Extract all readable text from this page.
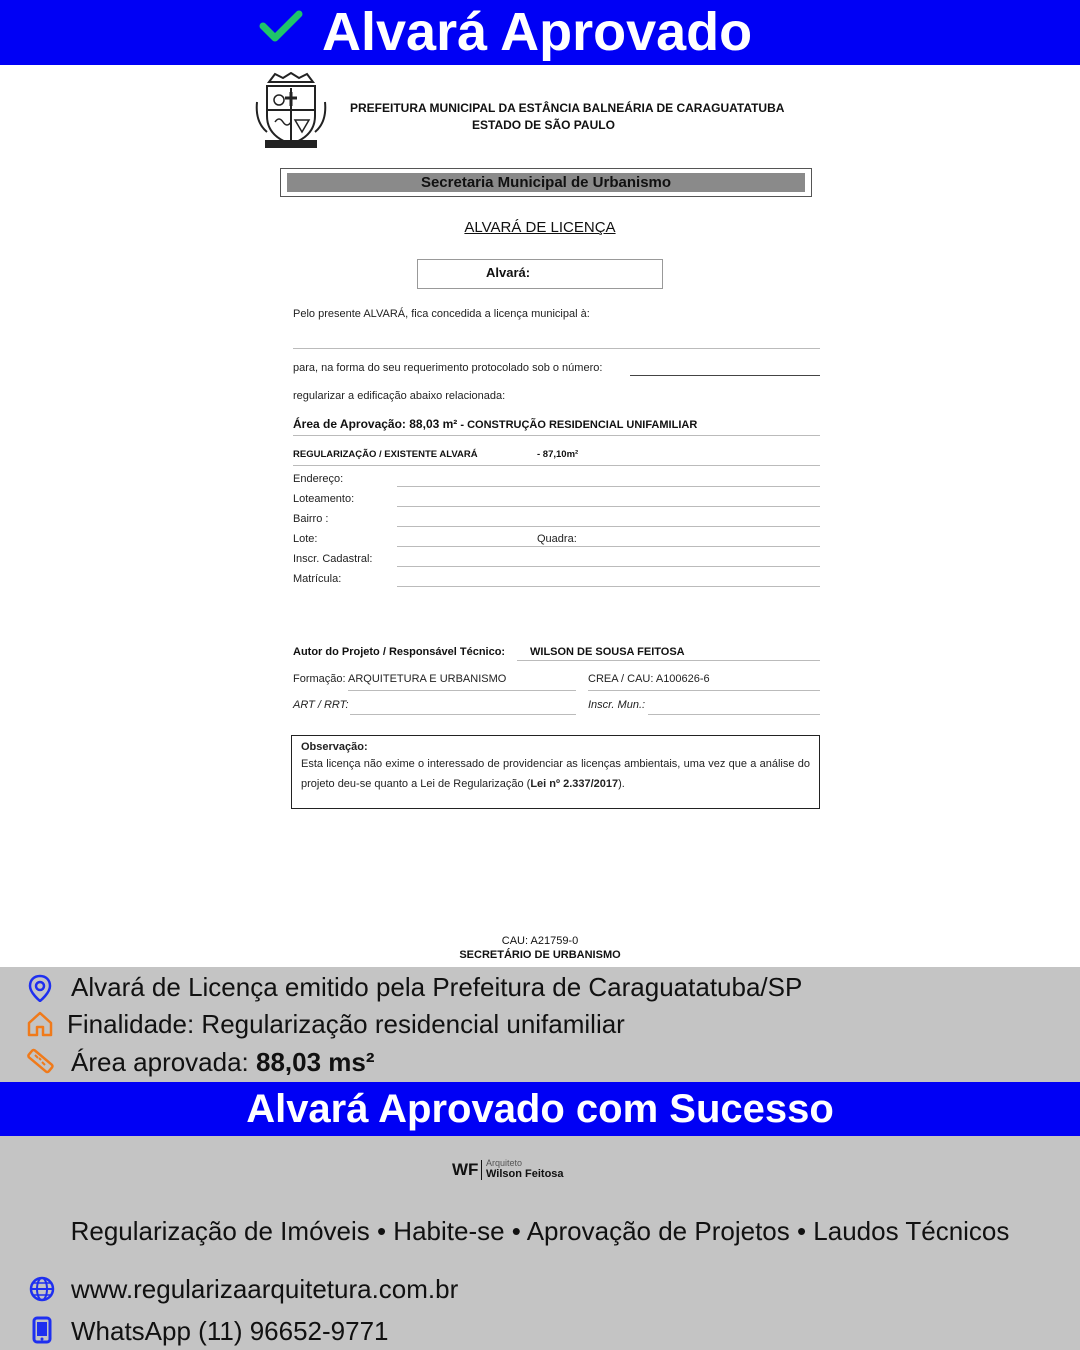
Alvará Aprovado
PREFEITURA MUNICIPAL DA ESTÂNCIA BALNEÁRIA DE CARAGUATATUBA
ESTADO DE SÃO PAULO
Secretaria Municipal de Urbanismo
ALVARÁ DE LICENÇA
Alvará:
Pelo presente ALVARÁ, fica concedida a licença municipal à:
para, na forma do seu requerimento protocolado sob o número:
regularizar a edificação abaixo relacionada:
Área de Aprovação: 88,03 m² - CONSTRUÇÃO RESIDENCIAL UNIFAMILIAR
REGULARIZAÇÃO / EXISTENTE ALVARÁ	- 87,10m²
Endereço:
Loteamento:
Bairro :
Lote:	Quadra:
Inscr. Cadastral:
Matrícula:
Autor do Projeto / Responsável Técnico: WILSON DE SOUSA FEITOSA
Formação: ARQUITETURA E URBANISMO	CREA / CAU: A100626-6
ART / RRT:	Inscr. Mun.:
Observação:
Esta licença não exime o interessado de providenciar as licenças ambientais, uma vez que a análise do projeto deu-se quanto a Lei de Regularização (Lei nº 2.337/2017).
CAU: A21759-0
SECRETÁRIO DE URBANISMO
Alvará de Licença emitido pela Prefeitura de Caraguatatuba/SP
Finalidade: Regularização residencial unifamiliar
Área aprovada: 88,03 ms²
Alvará Aprovado com Sucesso
WF Arquiteto
Wilson Feitosa
Regularização de Imóveis • Habite-se • Aprovação de Projetos • Laudos Técnicos
www.regularizaarquitetura.com.br
WhatsApp (11) 96652-9771
